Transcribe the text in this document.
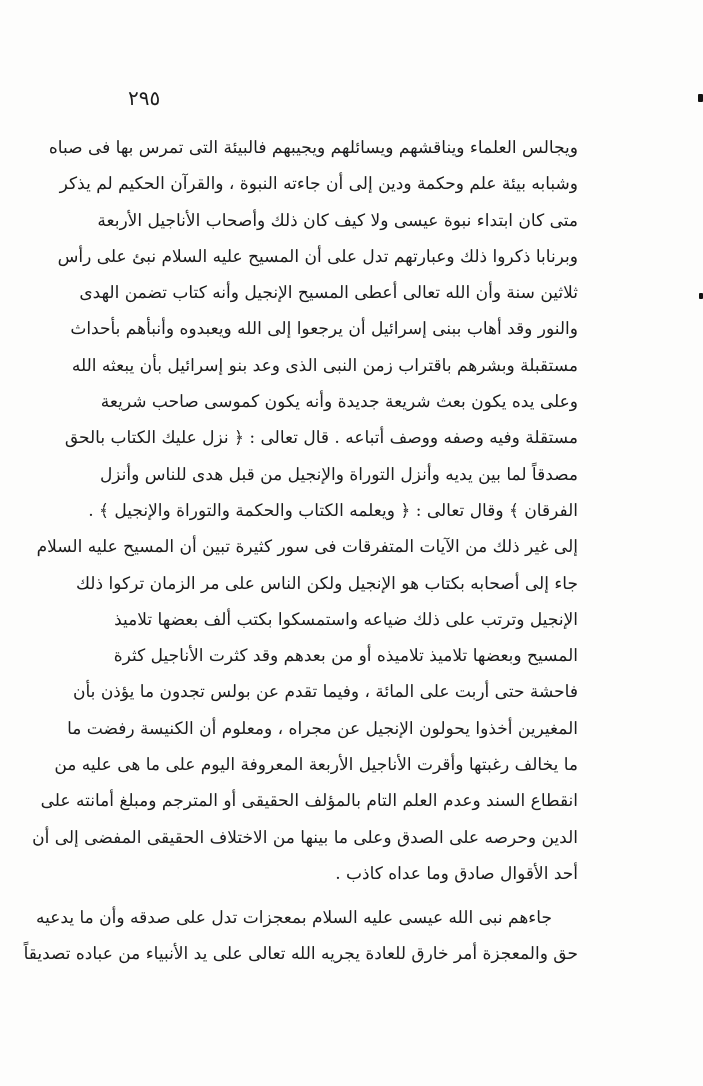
٢٩٥
ويجالس العلماء ويناقشهم ويسائلهم ويجيبهم فالبيئة التى تمرس بها فى صباه
وشبابه بيئة علم وحكمة ودين إلى أن جاءته النبوة ، والقرآن الحكيم لم يذكر
متى كان ابتداء نبوة عيسى ولا كيف كان ذلك وأصحاب الأناجيل الأربعة
وبرنابا ذكروا ذلك وعبارتهم تدل على أن المسيح عليه السلام نبئ على رأس
ثلاثين سنة وأن الله تعالى أعطى المسيح الإنجيل وأنه كتاب تضمن الهدى
والنور وقد أهاب ببنى إسرائيل أن يرجعوا إلى الله ويعبدوه وأنبأهم بأحداث
مستقبلة وبشرهم باقتراب زمن النبى الذى وعد بنو إسرائيل بأن يبعثه الله
وعلى يده يكون بعث شريعة جديدة وأنه يكون كموسى صاحب شريعة
مستقلة وفيه وصفه ووصف أتباعه . قال تعالى : ﴿ نزل عليك الكتاب بالحق
مصدقاً لما بين يديه وأنزل التوراة والإنجيل من قبل هدى للناس وأنزل
الفرقان ﴾ وقال تعالى : ﴿ ويعلمه الكتاب والحكمة والتوراة والإنجيل ﴾ .
إلى غير ذلك من الآيات المتفرقات فى سور كثيرة تبين أن المسيح عليه السلام
جاء إلى أصحابه بكتاب هو الإنجيل ولكن الناس على مر الزمان تركوا ذلك
الإنجيل وترتب على ذلك ضياعه واستمسكوا بكتب ألف بعضها تلاميذ
المسيح وبعضها تلاميذ تلاميذه أو من بعدهم وقد كثرت الأناجيل كثرة
فاحشة حتى أربت على المائة ، وفيما تقدم عن بولس تجدون ما يؤذن بأن
المغيرين أخذوا يحولون الإنجيل عن مجراه ، ومعلوم أن الكنيسة رفضت ما
ما يخالف رغبتها وأقرت الأناجيل الأربعة المعروفة اليوم على ما هى عليه من
انقطاع السند وعدم العلم التام بالمؤلف الحقيقى أو المترجم ومبلغ أمانته على
الدين وحرصه على الصدق وعلى ما بينها من الاختلاف الحقيقى المفضى إلى أن
أحد الأقوال صادق وما عداه كاذب .
جاءهم نبى الله عيسى عليه السلام بمعجزات تدل على صدقه وأن ما يدعيه
حق والمعجزة أمر خارق للعادة يجريه الله تعالى على يد الأنبياء من عباده تصديقاً
